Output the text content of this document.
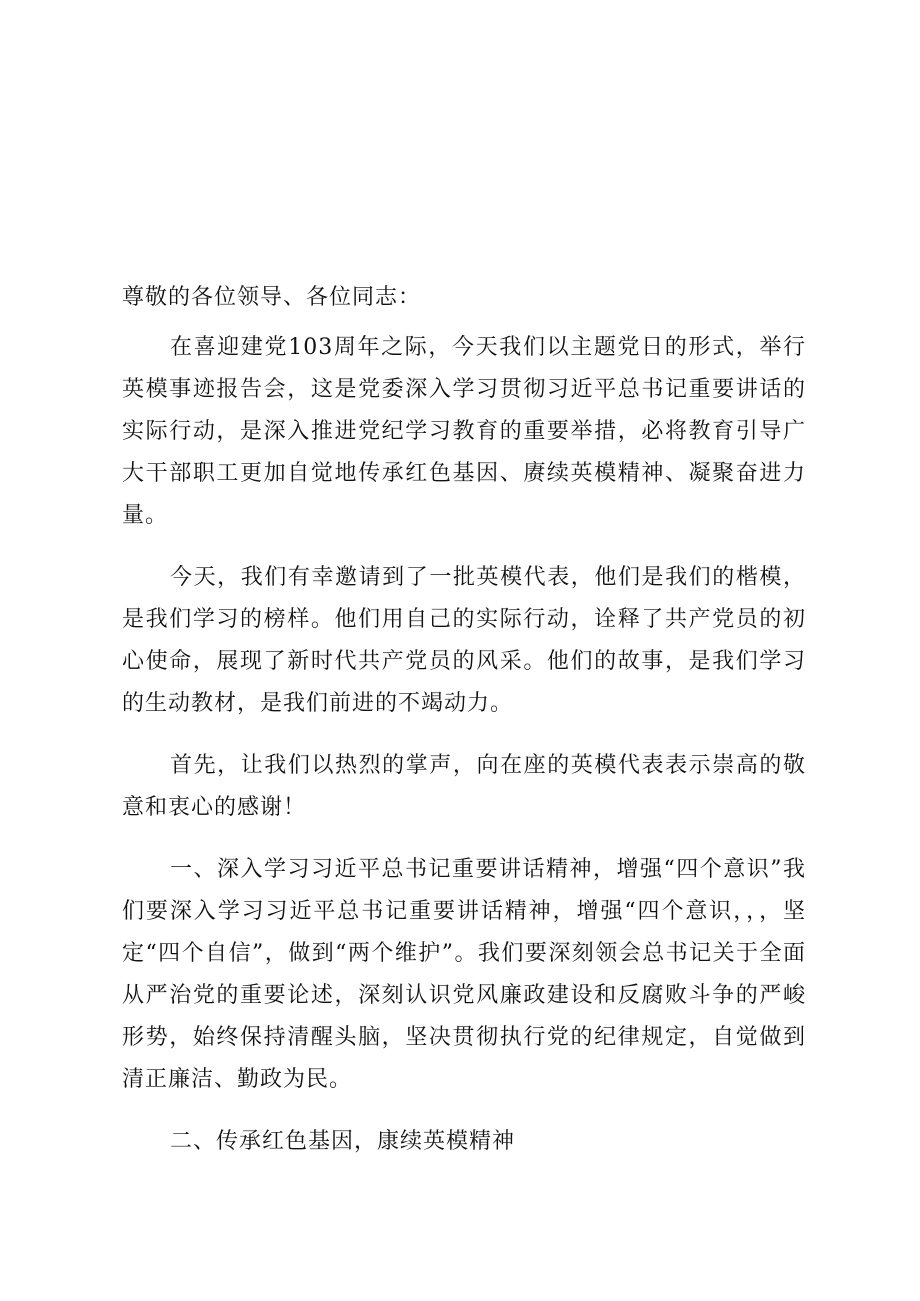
尊敬的各位领导、各位同志：

在喜迎建党103周年之际，今天我们以主题党日的形式，举行英模事迹报告会，这是党委深入学习贯彻习近平总书记重要讲话的实际行动，是深入推进党纪学习教育的重要举措，必将教育引导广大干部职工更加自觉地传承红色基因、赓续英模精神、凝聚奋进力量。

今天，我们有幸邀请到了一批英模代表，他们是我们的楷模，是我们学习的榜样。他们用自己的实际行动，诠释了共产党员的初心使命，展现了新时代共产党员的风采。他们的故事，是我们学习的生动教材，是我们前进的不竭动力。

首先，让我们以热烈的掌声，向在座的英模代表表示崇高的敬意和衷心的感谢！

一、深入学习习近平总书记重要讲话精神，增强“四个意识”我们要深入学习习近平总书记重要讲话精神，增强“四个意识，，，坚定“四个自信”，做到“两个维护”。我们要深刻领会总书记关于全面从严治党的重要论述，深刻认识党风廉政建设和反腐败斗争的严峻形势，始终保持清醒头脑，坚决贯彻执行党的纪律规定，自觉做到清正廉洁、勤政为民。

二、传承红色基因，康续英模精神
